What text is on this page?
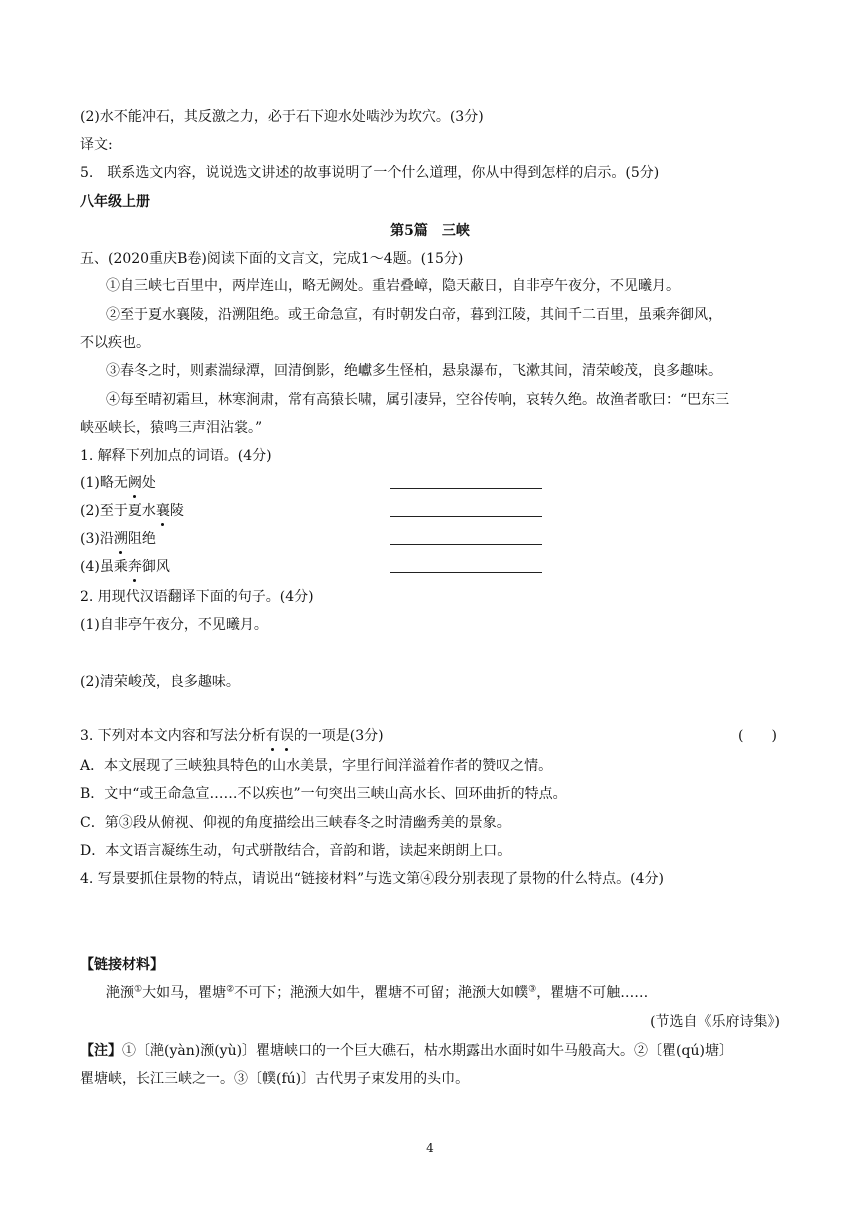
(2)水不能冲石，其反激之力，必于石下迎水处啮沙为坎穴。(3分)
译文:
5.　联系选文内容，说说选文讲述的故事说明了一个什么道理，你从中得到怎样的启示。(5分)
八年级上册
第5篇　三峡
五、(2020重庆B卷)阅读下面的文言文，完成1～4题。(15分)
①自三峡七百里中，两岸连山，略无阙处。重岩叠嶂，隐天蔽日，自非亭午夜分，不见曦月。
②至于夏水襄陵，沿溯阻绝。或王命急宣，有时朝发白帝，暮到江陵，其间千二百里，虽乘奔御风，
不以疾也。
③春冬之时，则素湍绿潭，回清倒影，绝巘多生怪柏，悬泉瀑布，飞漱其间，清荣峻茂，良多趣味。
④每至晴初霜旦，林寒涧肃，常有高猿长啸，属引凄异，空谷传响，哀转久绝。故渔者歌曰：“巴东三
峡巫峡长，猿鸣三声泪沾裳。”
1. 解释下列加点的词语。(4分)
(1)略无阙处
(2)至于夏水襄陵
(3)沿溯阻绝
(4)虽乘奔御风
2. 用现代汉语翻译下面的句子。(4分)
(1)自非亭午夜分，不见曦月。
(2)清荣峻茂，良多趣味。
3. 下列对本文内容和写法分析有误的一项是(3分)	(　　)
A．本文展现了三峡独具特色的山水美景，字里行间洋溢着作者的赞叹之情。
B．文中“或王命急宣……不以疾也”一句突出三峡山高水长、回环曲折的特点。
C．第③段从俯视、仰视的角度描绘出三峡春冬之时清幽秀美的景象。
D．本文语言凝练生动，句式骈散结合，音韵和谐，读起来朗朗上口。
4. 写景要抓住景物的特点，请说出“链接材料”与选文第④段分别表现了景物的什么特点。(4分)
【链接材料】
滟滪①大如马，瞿塘②不可下；滟滪大如牛，瞿塘不可留；滟滪大如幞③，瞿塘不可触……
(节选自《乐府诗集》)
【注】①〔滟(yàn)滪(yù)〕瞿塘峡口的一个巨大礁石，枯水期露出水面时如牛马般高大。②〔瞿(qú)塘〕
瞿塘峡，长江三峡之一。③〔幞(fú)〕古代男子束发用的头巾。
4
